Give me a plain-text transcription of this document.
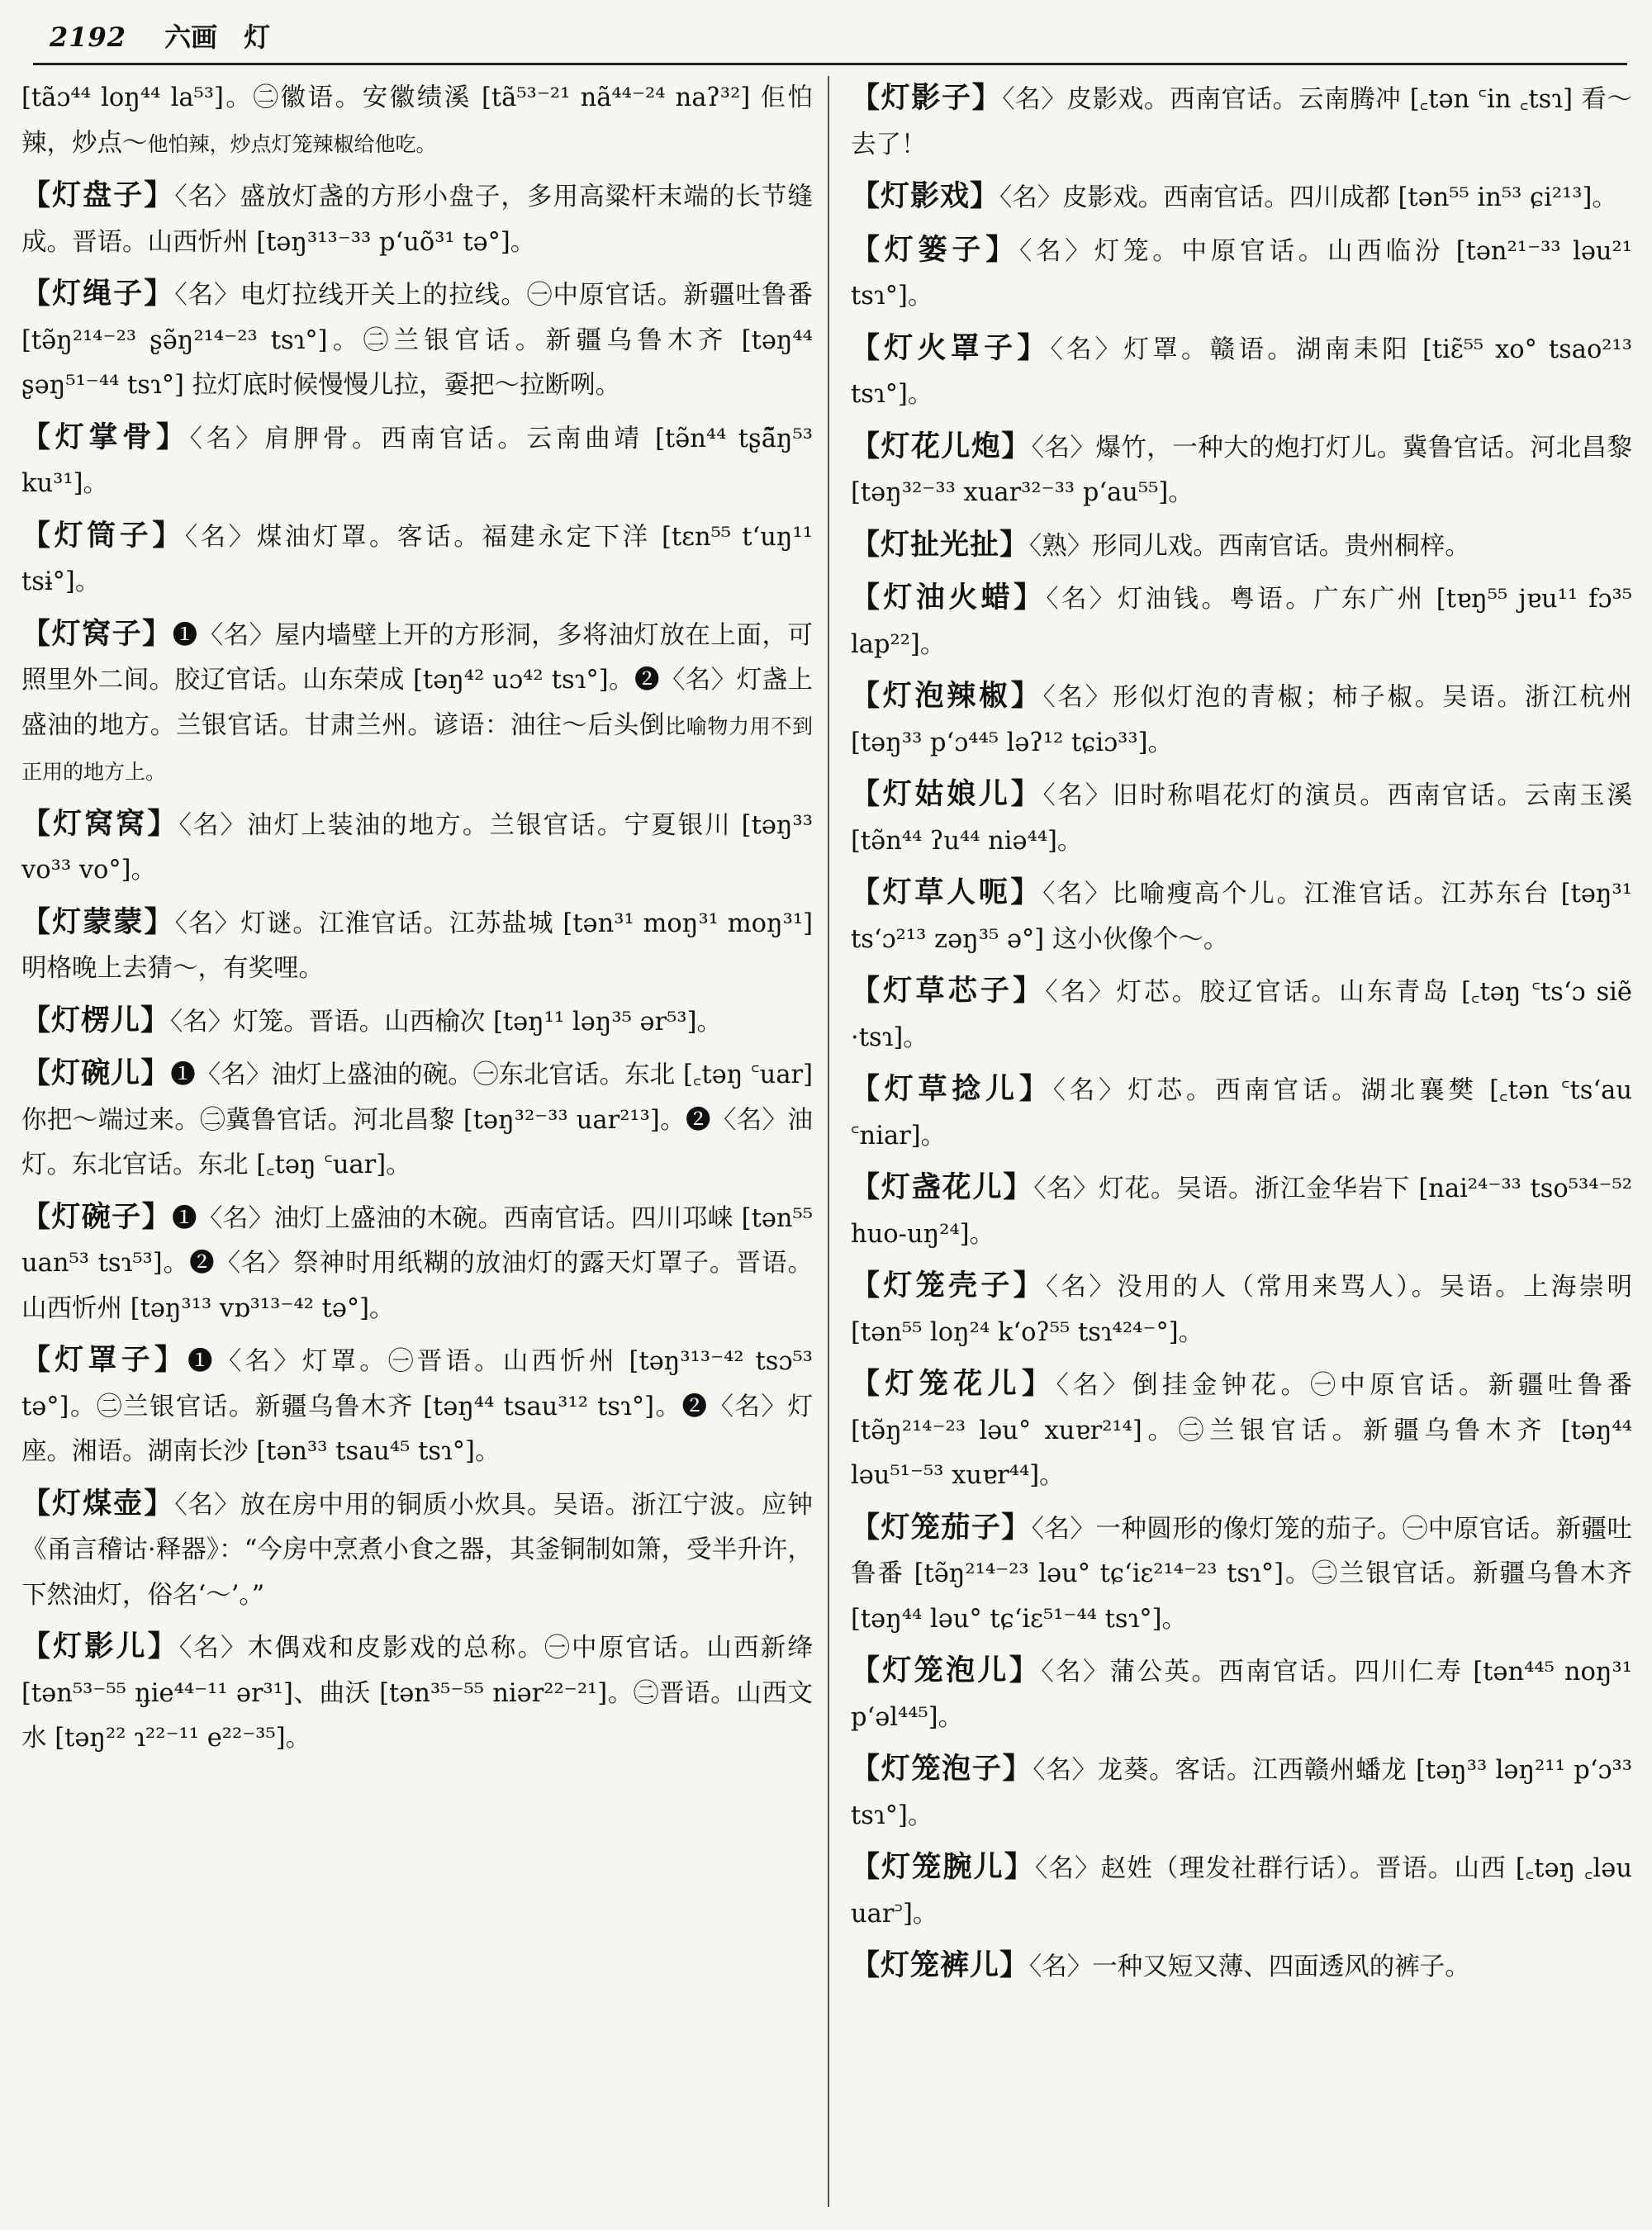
2192 六画　灯

[tãɔ⁴⁴ loŋ⁴⁴ la⁵³]。㊁徽语。安徽绩溪 [tã⁵³⁻²¹ nã⁴⁴⁻²⁴ naʔ³²] 佢怕辣，炒点～他怕辣，炒点灯笼辣椒给他吃。

【灯盘子】〈名〉盛放灯盏的方形小盘子，多用高粱杆末端的长节缝成。晋语。山西忻州 [təŋ³¹³⁻³³ p‘uõ³¹ tə°]。

【灯绳子】〈名〉电灯拉线开关上的拉线。㊀中原官话。新疆吐鲁番 [tə̃ŋ²¹⁴⁻²³ ʂə̃ŋ²¹⁴⁻²³ tsɿ°]。㊁兰银官话。新疆乌鲁木齐 [təŋ⁴⁴ ʂəŋ⁵¹⁻⁴⁴ tsɿ°] 拉灯底时候慢慢儿拉，嫑把～拉断咧。

【灯掌骨】〈名〉肩胛骨。西南官话。云南曲靖 [tə̃n⁴⁴ tʂã̃ŋ⁵³ ku³¹]。

【灯筒子】〈名〉煤油灯罩。客话。福建永定下洋 [tɛn⁵⁵ t‘uŋ¹¹ tsɨ°]。

【灯窝子】❶〈名〉屋内墙壁上开的方形洞，多将油灯放在上面，可照里外二间。胶辽官话。山东荣成 [təŋ⁴² uɔ⁴² tsɿ°]。❷〈名〉灯盏上盛油的地方。兰银官话。甘肃兰州。谚语：油往～后头倒比喻物力用不到正用的地方上。

【灯窝窝】〈名〉油灯上装油的地方。兰银官话。宁夏银川 [təŋ³³ vo³³ vo°]。

【灯蒙蒙】〈名〉灯谜。江淮官话。江苏盐城 [tən³¹ moŋ³¹ moŋ³¹] 明格晚上去猜～，有奖哩。

【灯楞儿】〈名〉灯笼。晋语。山西榆次 [təŋ¹¹ ləŋ³⁵ ər⁵³]。

【灯碗儿】❶〈名〉油灯上盛油的碗。㊀东北官话。东北 [꜀təŋ ꜂uar] 你把～端过来。㊁冀鲁官话。河北昌黎 [təŋ³²⁻³³ uar²¹³]。❷〈名〉油灯。东北官话。东北 [꜀təŋ ꜂uar]。

【灯碗子】❶〈名〉油灯上盛油的木碗。西南官话。四川邛崃 [tən⁵⁵ uan⁵³ tsɿ⁵³]。❷〈名〉祭神时用纸糊的放油灯的露天灯罩子。晋语。山西忻州 [təŋ³¹³ vɒ³¹³⁻⁴² tə°]。

【灯罩子】❶〈名〉灯罩。㊀晋语。山西忻州 [təŋ³¹³⁻⁴² tsɔ⁵³ tə°]。㊁兰银官话。新疆乌鲁木齐 [təŋ⁴⁴ tsau³¹² tsɿ°]。❷〈名〉灯座。湘语。湖南长沙 [tən³³ tsau⁴⁵ tsɿ°]。

【灯煤壶】〈名〉放在房中用的铜质小炊具。吴语。浙江宁波。应钟《甬言稽诂·释器》：“今房中烹煮小食之器，其釜铜制如箫，受半升许，下然油灯，俗名‘～’。”

【灯影儿】〈名〉木偶戏和皮影戏的总称。㊀中原官话。山西新绛 [tən⁵³⁻⁵⁵ n̡ie⁴⁴⁻¹¹ ər³¹]、曲沃 [tən³⁵⁻⁵⁵ niər²²⁻²¹]。㊁晋语。山西文水 [təŋ²² ɿ²²⁻¹¹ e²²⁻³⁵]。

【灯影子】〈名〉皮影戏。西南官话。云南腾冲 [꜀tən ꜂in ꜀tsɿ] 看～去了！

【灯影戏】〈名〉皮影戏。西南官话。四川成都 [tən⁵⁵ in⁵³ ɕi²¹³]。

【灯篓子】〈名〉灯笼。中原官话。山西临汾 [tən²¹⁻³³ ləu²¹ tsɿ°]。

【灯火罩子】〈名〉灯罩。赣语。湖南耒阳 [tiɛ̃⁵⁵ xo° tsao²¹³ tsɿ°]。

【灯花儿炮】〈名〉爆竹，一种大的炮打灯儿。冀鲁官话。河北昌黎 [təŋ³²⁻³³ xuar³²⁻³³ p‘au⁵⁵]。

【灯扯光扯】〈熟〉形同儿戏。西南官话。贵州桐梓。

【灯油火蜡】〈名〉灯油钱。粤语。广东广州 [tɐŋ⁵⁵ jɐu¹¹ fɔ³⁵ lap²²]。

【灯泡辣椒】〈名〉形似灯泡的青椒；柿子椒。吴语。浙江杭州 [təŋ³³ p‘ɔ⁴⁴⁵ ləʔ¹² tɕiɔ³³]。

【灯姑娘儿】〈名〉旧时称唱花灯的演员。西南官话。云南玉溪 [tə̃n⁴⁴ ʔu⁴⁴ niə⁴⁴]。

【灯草人呃】〈名〉比喻瘦高个儿。江淮官话。江苏东台 [təŋ³¹ ts‘ɔ²¹³ zəŋ³⁵ ə°] 这小伙像个～。

【灯草芯子】〈名〉灯芯。胶辽官话。山东青岛 [꜀təŋ ꜂ts‘ɔ siẽ ·tsɿ]。

【灯草捻儿】〈名〉灯芯。西南官话。湖北襄樊 [꜀tən ꜂ts‘au ꜂niar]。

【灯盏花儿】〈名〉灯花。吴语。浙江金华岩下 [nai²⁴⁻³³ tso⁵³⁴⁻⁵² huo-uŋ²⁴]。

【灯笼壳子】〈名〉没用的人（常用来骂人）。吴语。上海崇明 [tən⁵⁵ loŋ²⁴ k‘oʔ⁵⁵ tsɿ⁴²⁴⁻°]。

【灯笼花儿】〈名〉倒挂金钟花。㊀中原官话。新疆吐鲁番 [tə̃ŋ²¹⁴⁻²³ ləu° xuɐr²¹⁴]。㊁兰银官话。新疆乌鲁木齐 [təŋ⁴⁴ ləu⁵¹⁻⁵³ xuɐr⁴⁴]。

【灯笼茄子】〈名〉一种圆形的像灯笼的茄子。㊀中原官话。新疆吐鲁番 [tə̃ŋ²¹⁴⁻²³ ləu° tɕ‘iɛ²¹⁴⁻²³ tsɿ°]。㊁兰银官话。新疆乌鲁木齐 [təŋ⁴⁴ ləu° tɕ‘iɛ⁵¹⁻⁴⁴ tsɿ°]。

【灯笼泡儿】〈名〉蒲公英。西南官话。四川仁寿 [tən⁴⁴⁵ noŋ³¹ p‘əl⁴⁴⁵]。

【灯笼泡子】〈名〉龙葵。客话。江西赣州蟠龙 [təŋ³³ ləŋ²¹¹ p‘ɔ³³ tsɿ°]。

【灯笼腕儿】〈名〉赵姓（理发社群行话）。晋语。山西 [꜀təŋ ꜀ləu uar꜄]。

【灯笼裤儿】〈名〉一种又短又薄、四面透风的裤子。
